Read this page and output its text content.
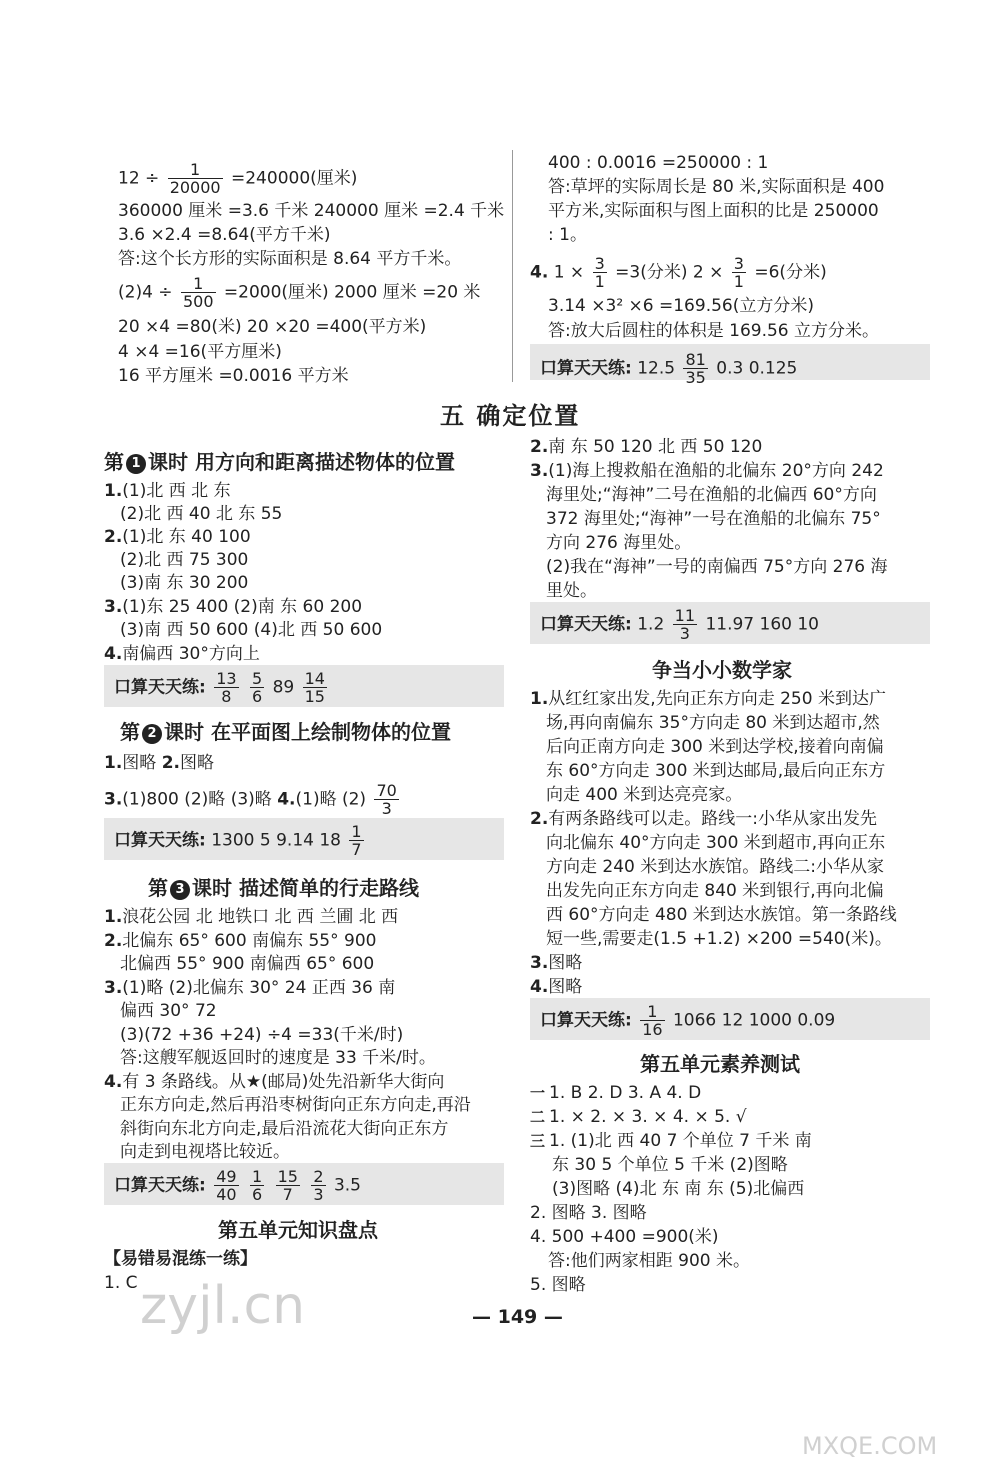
$12 \div \frac{1}{20000} =240000$(厘米)
360000 厘米 =3.6 千米 240000 厘米 =2.4 千米
3.6 ×2.4 =8.64(平方千米)
答:这个长方形的实际面积是 8.64 平方千米。
$(2)4 \div \frac{1}{500} =2000$(厘米) 2000 厘米 =20 米
20 ×4 =80(米) 20 ×20 =400(平方米)
4 ×4 =16(平方厘米)
16 平方厘米 =0.0016 平方米
400 : 0.0016 =250000 : 1
答:草坪的实际周长是 80 米,实际面积是 400
平方米,实际面积与图上面积的比是 250000
: 1。
4. $1 \times \frac{3}{1} =3$(分米) $2 \times \frac{3}{1} =6$(分米)
3.14 ×3² ×6 =169.56(立方分米)
答:放大后圆柱的体积是 169.56 立方分米。
口算天天练: $12.5 \frac{81}{35} 0.3$ 0.125
五 确定位置
第 1 课时 用方向和距离描述物体的位置
1.(1)北 西 北 东
(2)北 西 40 北 东 55
2.(1)北 东 40 100
(2)北 西 75 300
(3)南 东 30 200
3.(1)东 25 400 (2)南 东 60 200
(3)南 西 50 600 (4)北 西 50 600
4.南偏西 30°方向上
口算天天练: $\frac{13}{8}$
$\frac{5}{6} 89 \frac{14}{15}$
第 2 课时 在平面图上绘制物体的位置
1.图略 2.图略
3.(1)800 (2)略 (3)略 4.(1)略 $(2) \frac{70}{3}$
口算天天练: 1300 5 9.14 $18 \frac{1}{7}$
第 3 课时 描述简单的行走路线
1.浪花公园 北 地铁口 北 西 兰圃 北 西
2.北偏东 65° 600 南偏东 55° 900
北偏西 55° 900 南偏西 65° 600
3.(1)略 (2)北偏东 30° 24 正西 36 南
偏西 30° 72
(3)(72 +36 +24) ÷4 =33(千米/时)
答:这艘军舰返回时的速度是 33 千米/时。
4.有 3 条路线。从★(邮局)处先沿新华大街向
正东方向走,然后再沿枣树街向正东方向走,再沿
斜街向东北方向走,最后沿流花大街向正东方
向走到电视塔比较近。
口算天天练: $\frac{49}{40}$
$\frac{1}{6}$
$\frac{15}{7}$
$\frac{2}{3} 3.5$
第五单元知识盘点
【易错易混练一练】
1. C
2.南 东 50 120 北 西 50 120
3.(1)海上搜救船在渔船的北偏东 20°方向 242
海里处;“海神”二号在渔船的北偏西 60°方向
372 海里处;“海神”一号在渔船的北偏东 75°
方向 276 海里处。
(2)我在“海神”一号的南偏西 75°方向 276 海
里处。
口算天天练: $1.2 \frac{11}{3} 11.97$ 160 10
争当小小数学家
1.从红红家出发,先向正东方向走 250 米到达广
场,再向南偏东 35°方向走 80 米到达超市,然
后向正南方向走 300 米到达学校,接着向南偏
东 60°方向走 300 米到达邮局,最后向正东方
向走 400 米到达亮亮家。
2.有两条路线可以走。路线一:小华从家出发先
向北偏东 40°方向走 300 米到超市,再向正东
方向走 240 米到达水族馆。路线二:小华从家
出发先向正东方向走 840 米到银行,再向北偏
西 60°方向走 480 米到达水族馆。第一条路线
短一些,需要走(1.5 +1.2) ×200 =540(米)。
3.图略
4.图略
口算天天练: $\frac{1}{16} 1066$ 12 1000 0.09
第五单元素养测试
一 1. B 2. D 3. A 4. D
二 1. × 2. × 3. × 4. × 5. √
三 1. (1)北 西 40 7 个单位 7 千米 南
东 30 5 个单位 5 千米 (2)图略
(3)图略 (4)北 东 南 东 (5)北偏西
2. 图略 3. 图略
4. 500 +400 =900(米)
答:他们两家相距 900 米。
5. 图略
— 149 —
zyjl.cn
MXQE.COM
